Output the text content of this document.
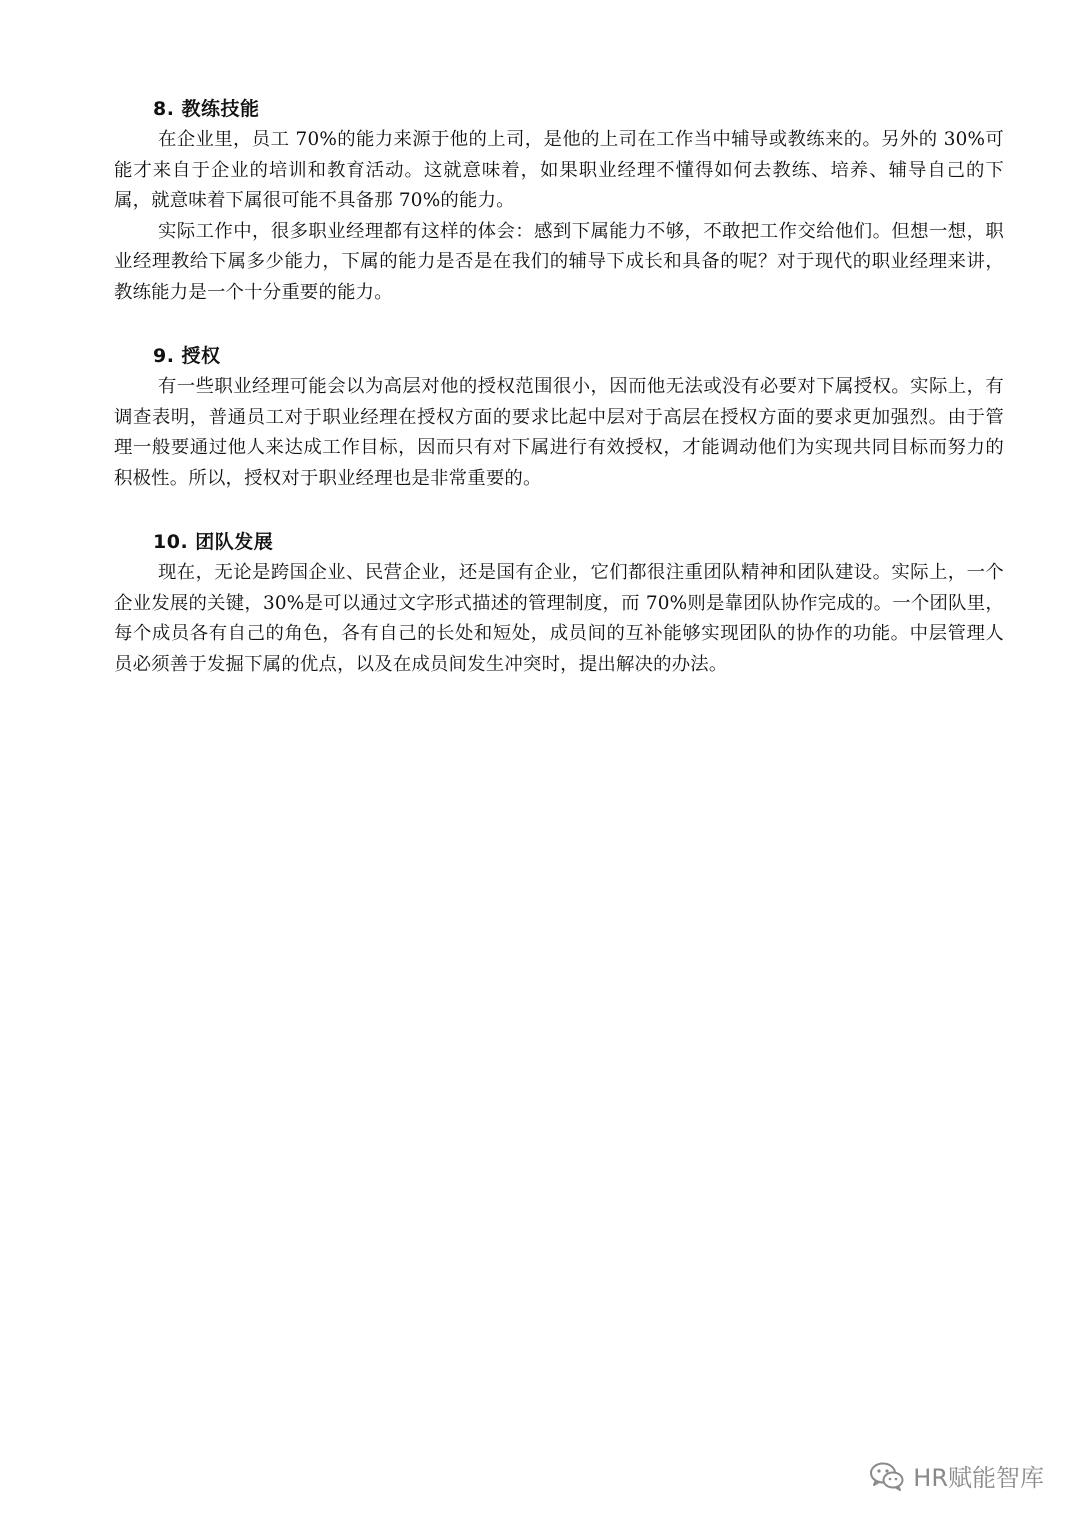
8. 教练技能

在企业里，员工 70%的能力来源于他的上司，是他的上司在工作当中辅导或教练来的。另外的 30%可能才来自于企业的培训和教育活动。这就意味着，如果职业经理不懂得如何去教练、培养、辅导自己的下属，就意味着下属很可能不具备那 70%的能力。

实际工作中，很多职业经理都有这样的体会：感到下属能力不够，不敢把工作交给他们。但想一想，职业经理教给下属多少能力，下属的能力是否是在我们的辅导下成长和具备的呢？对于现代的职业经理来讲，教练能力是一个十分重要的能力。

9. 授权

有一些职业经理可能会以为高层对他的授权范围很小，因而他无法或没有必要对下属授权。实际上，有调查表明，普通员工对于职业经理在授权方面的要求比起中层对于高层在授权方面的要求更加强烈。由于管理一般要通过他人来达成工作目标，因而只有对下属进行有效授权，才能调动他们为实现共同目标而努力的积极性。所以，授权对于职业经理也是非常重要的。

10. 团队发展

现在，无论是跨国企业、民营企业，还是国有企业，它们都很注重团队精神和团队建设。实际上，一个企业发展的关键，30%是可以通过文字形式描述的管理制度，而 70%则是靠团队协作完成的。一个团队里，每个成员各有自己的角色，各有自己的长处和短处，成员间的互补能够实现团队的协作的功能。中层管理人员必须善于发掘下属的优点，以及在成员间发生冲突时，提出解决的办法。

HR赋能智库
